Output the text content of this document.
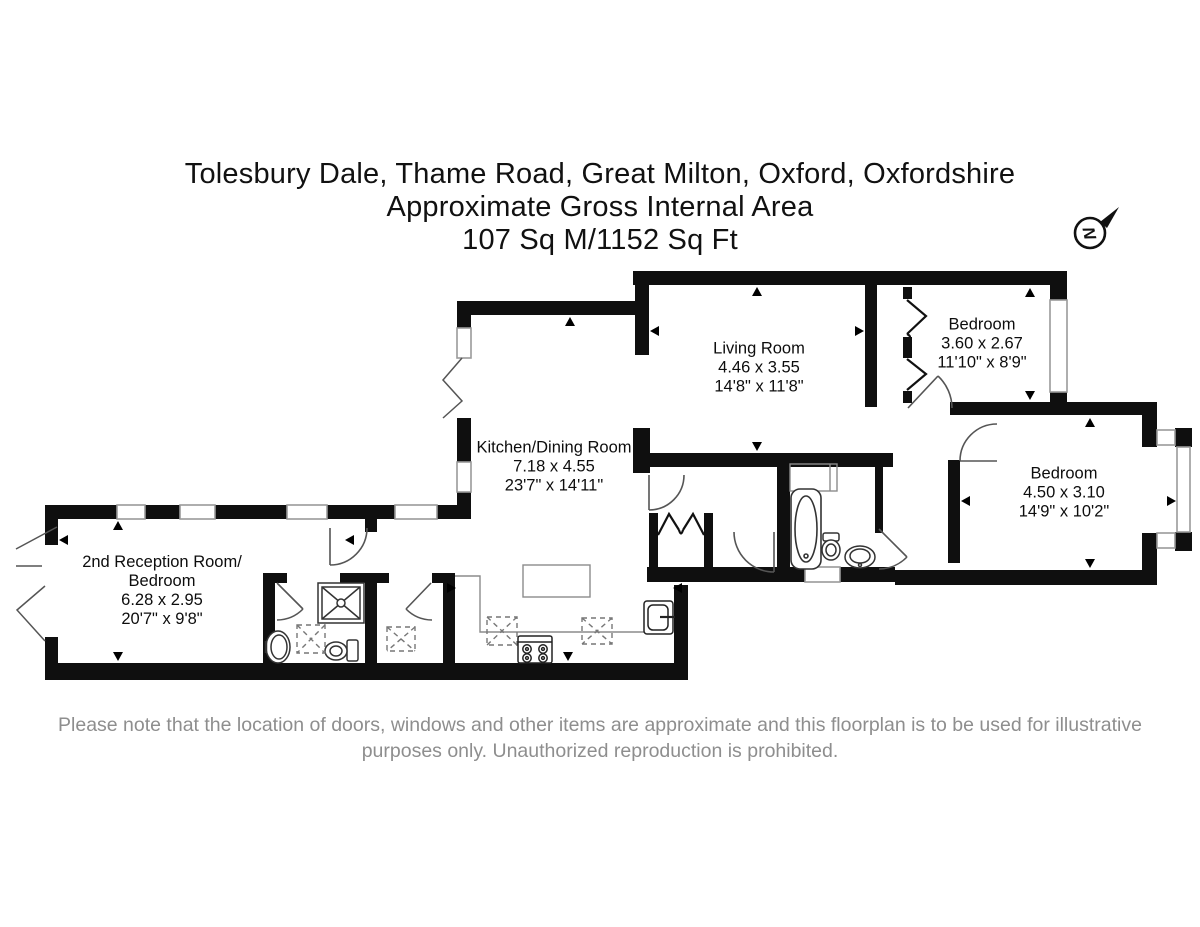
Tolesbury Dale, Thame Road, Great Milton, Oxford, Oxfordshire
Approximate Gross Internal Area
107 Sq M/1152 Sq Ft	N
Living Room
4.46 x 3.55
14'8" x 11'8"
Bedroom
3.60 x 2.67
11'10" x 8'9"
Kitchen/Dining Room
7.18 x 4.55
23'7" x 14'11"
Bedroom
4.50 x 3.10
14'9" x 10'2"
2nd Reception Room/
Bedroom
6.28 x 2.95
20'7" x 9'8"
Please note that the location of doors, windows and other items are approximate and this floorplan is to be used for illustrative
purposes only. Unauthorized reproduction is prohibited.
